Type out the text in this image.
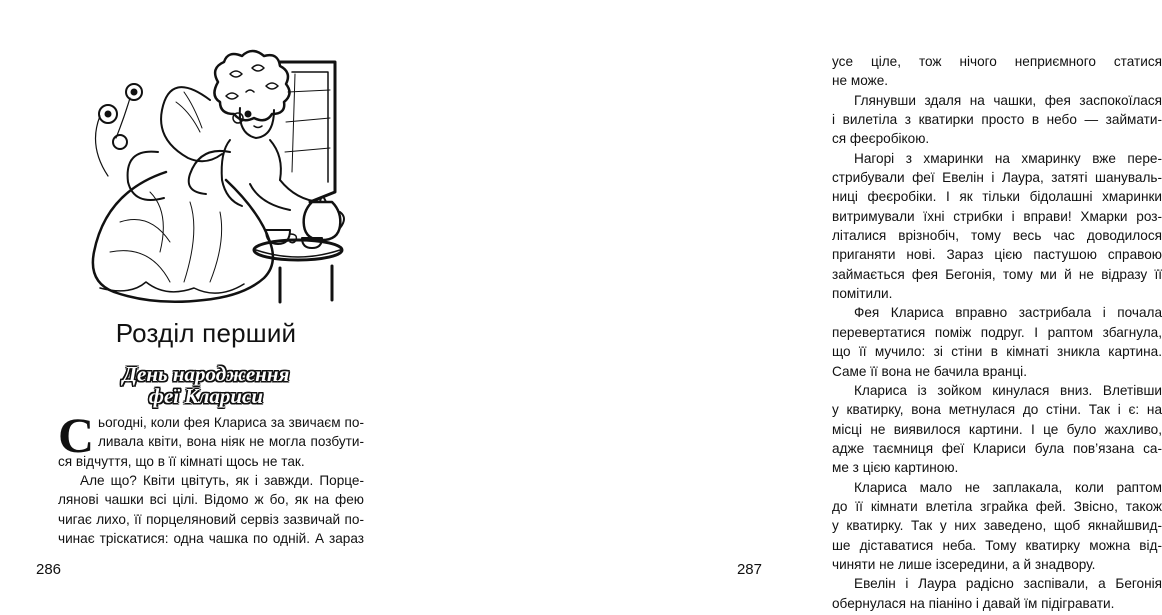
Розділ перший
День народження
феї Клариси
С ьогодні, коли фея Клариса за звичаєм по-
ливала квіти, вона ніяк не могла позбути-
ся відчуття, що в її кімнаті щось не так.
Але що? Квіти цвітуть, як і завжди. Порце-
лянові чашки всі цілі. Відомо ж бо, як на фею
чигає лихо, її порцеляновий сервіз зазвичай по-
чинає тріскатися: одна чашка по одній. А зараз
286
усе ціле, тож нічого неприємного статися
не може.
Глянувши здаля на чашки, фея заспокоїлася
і вилетіла з кватирки просто в небо — займати-
ся феєробікою.
Нагорі з хмаринки на хмаринку вже пере-
стрибували феї Евелін і Лаура, затяті шануваль-
ниці феєробіки. І як тільки бідолашні хмаринки
витримували їхні стрибки і вправи! Хмарки роз-
літалися врізнобіч, тому весь час доводилося
приганяти нові. Зараз цією пастушою справою
займається фея Бегонія, тому ми й не відразу її
помітили.
Фея Клариса вправно застрибала і почала
перевертатися поміж подруг. І раптом збагнула,
що її мучило: зі стіни в кімнаті зникла картина.
Саме її вона не бачила вранці.
Клариса із зойком кинулася вниз. Влетівши
у кватирку, вона метнулася до стіни. Так і є: на
місці не виявилося картини. І це було жахливо,
адже таємниця феї Клариси була пов’язана са-
ме з цією картиною.
Клариса мало не заплакала, коли раптом
до її кімнати влетіла зграйка фей. Звісно, також
у кватирку. Так у них заведено, щоб якнайшвид-
ше діставатися неба. Тому кватирку можна від-
чиняти не лише ізсередини, а й знадвору.
Евелін і Лаура радісно заспівали, а Бегонія
обернулася на піаніно і давай їм підігравати.
287
